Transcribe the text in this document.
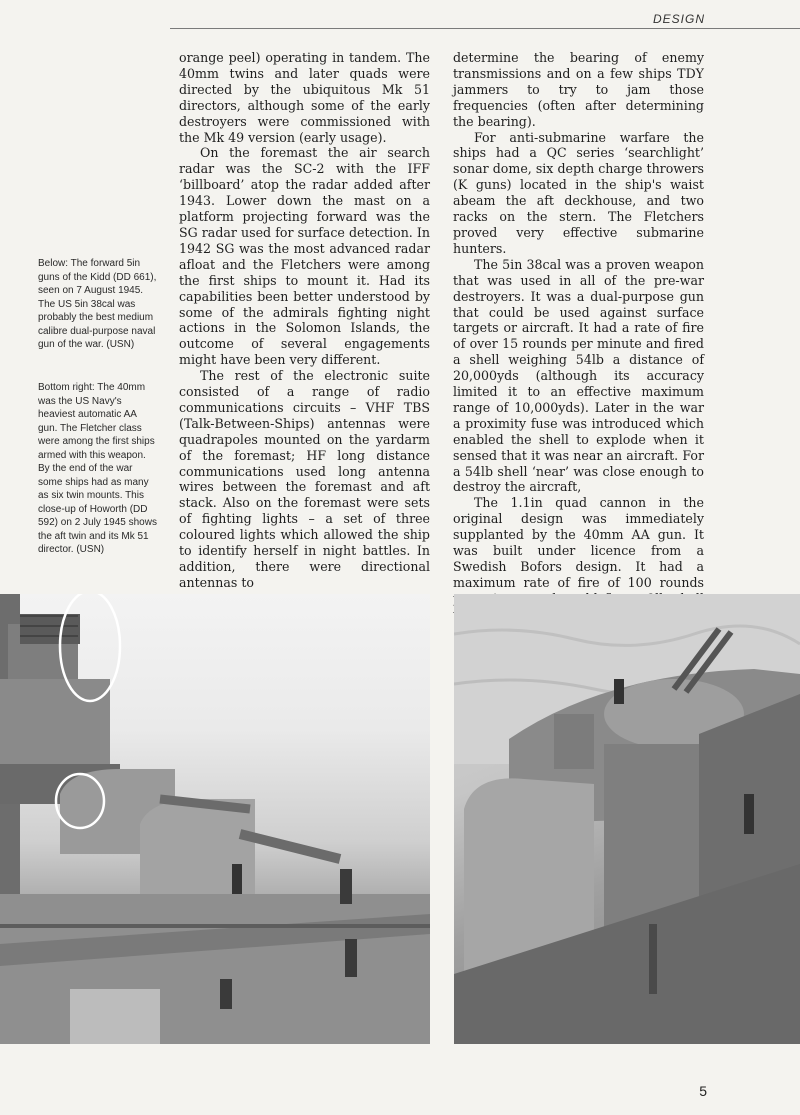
DESIGN
Below: The forward 5in guns of the Kidd (DD 661), seen on 7 August 1945. The US 5in 38cal was probably the best medium calibre dual-purpose naval gun of the war. (USN)
Bottom right: The 40mm was the US Navy's heaviest automatic AA gun. The Fletcher class were among the first ships armed with this weapon. By the end of the war some ships had as many as six twin mounts. This close-up of Howorth (DD 592) on 2 July 1945 shows the aft twin and its Mk 51 director. (USN)

orange peel) operating in tandem. The 40mm twins and later quads were directed by the ubiquitous Mk 51 directors, although some of the early destroyers were commissioned with the Mk 49 version (early usage).

On the foremast the air search radar was the SC-2 with the IFF ‘billboard’ atop the radar added after 1943. Lower down the mast on a platform projecting forward was the SG radar used for surface detection. In 1942 SG was the most advanced radar afloat and the Fletchers were among the first ships to mount it. Had its capabilities been better understood by some of the admirals fighting night actions in the Solomon Islands, the outcome of several engagements might have been very different.

The rest of the electronic suite consisted of a range of radio communications circuits – VHF TBS (Talk-Between-Ships) antennas were quadrapoles mounted on the yardarm of the foremast; HF long distance communications used long antenna wires between the foremast and aft stack. Also on the foremast were sets of fighting lights – a set of three coloured lights which allowed the ship to identify herself in night battles. In addition, there were directional antennas to

determine the bearing of enemy transmissions and on a few ships TDY jammers to try to jam those frequencies (often after determining the bearing).

For anti-submarine warfare the ships had a QC series ‘searchlight’ sonar dome, six depth charge throwers (K guns) located in the ship's waist abeam the aft deckhouse, and two racks on the stern. The Fletchers proved very effective submarine hunters.

The 5in 38cal was a proven weapon that was used in all of the pre-war destroyers. It was a dual-purpose gun that could be used against surface targets or aircraft. It had a rate of fire of over 15 rounds per minute and fired a shell weighing 54lb a distance of 20,000yds (although its accuracy limited it to an effective maximum range of 10,000yds). Later in the war a proximity fuse was introduced which enabled the shell to explode when it sensed that it was near an aircraft. For a 54lb shell ‘near’ was close enough to destroy the aircraft,

The 1.1in quad cannon in the original design was immediately supplanted by the 40mm AA gun. It was built under licence from a Swedish Bofors design. It had a maximum rate of fire of 100 rounds

5
